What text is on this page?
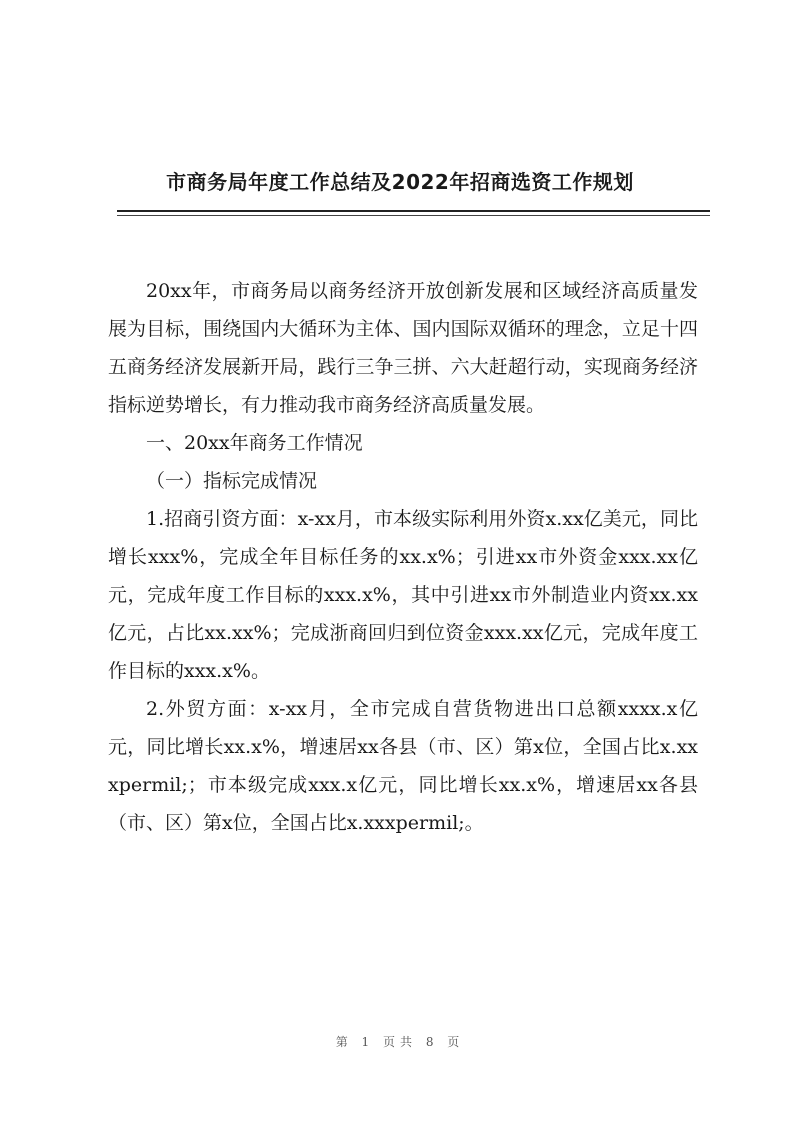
市商务局年度工作总结及2022年招商选资工作规划

20xx年，市商务局以商务经济开放创新发展和区域经济高质量发展为目标，围绕国内大循环为主体、国内国际双循环的理念，立足十四五商务经济发展新开局，践行三争三拼、六大赶超行动，实现商务经济指标逆势增长，有力推动我市商务经济高质量发展。

一、20xx年商务工作情况

（一）指标完成情况

1.招商引资方面：x-xx月，市本级实际利用外资x.xx亿美元，同比增长xxx%，完成全年目标任务的xx.x%；引进xx市外资金xxx.xx亿元，完成年度工作目标的xxx.x%，其中引进xx市外制造业内资xx.xx亿元，占比xx.xx%；完成浙商回归到位资金xxx.xx亿元，完成年度工作目标的xxx.x%。

2.外贸方面：x-xx月，全市完成自营货物进出口总额xxxx.x亿元，同比增长xx.x%，增速居xx各县（市、区）第x位，全国占比x.xxxpermil;；市本级完成xxx.x亿元，同比增长xx.x%，增速居xx各县（市、区）第x位，全国占比x.xxxpermil;。

第 1 页共 8 页
